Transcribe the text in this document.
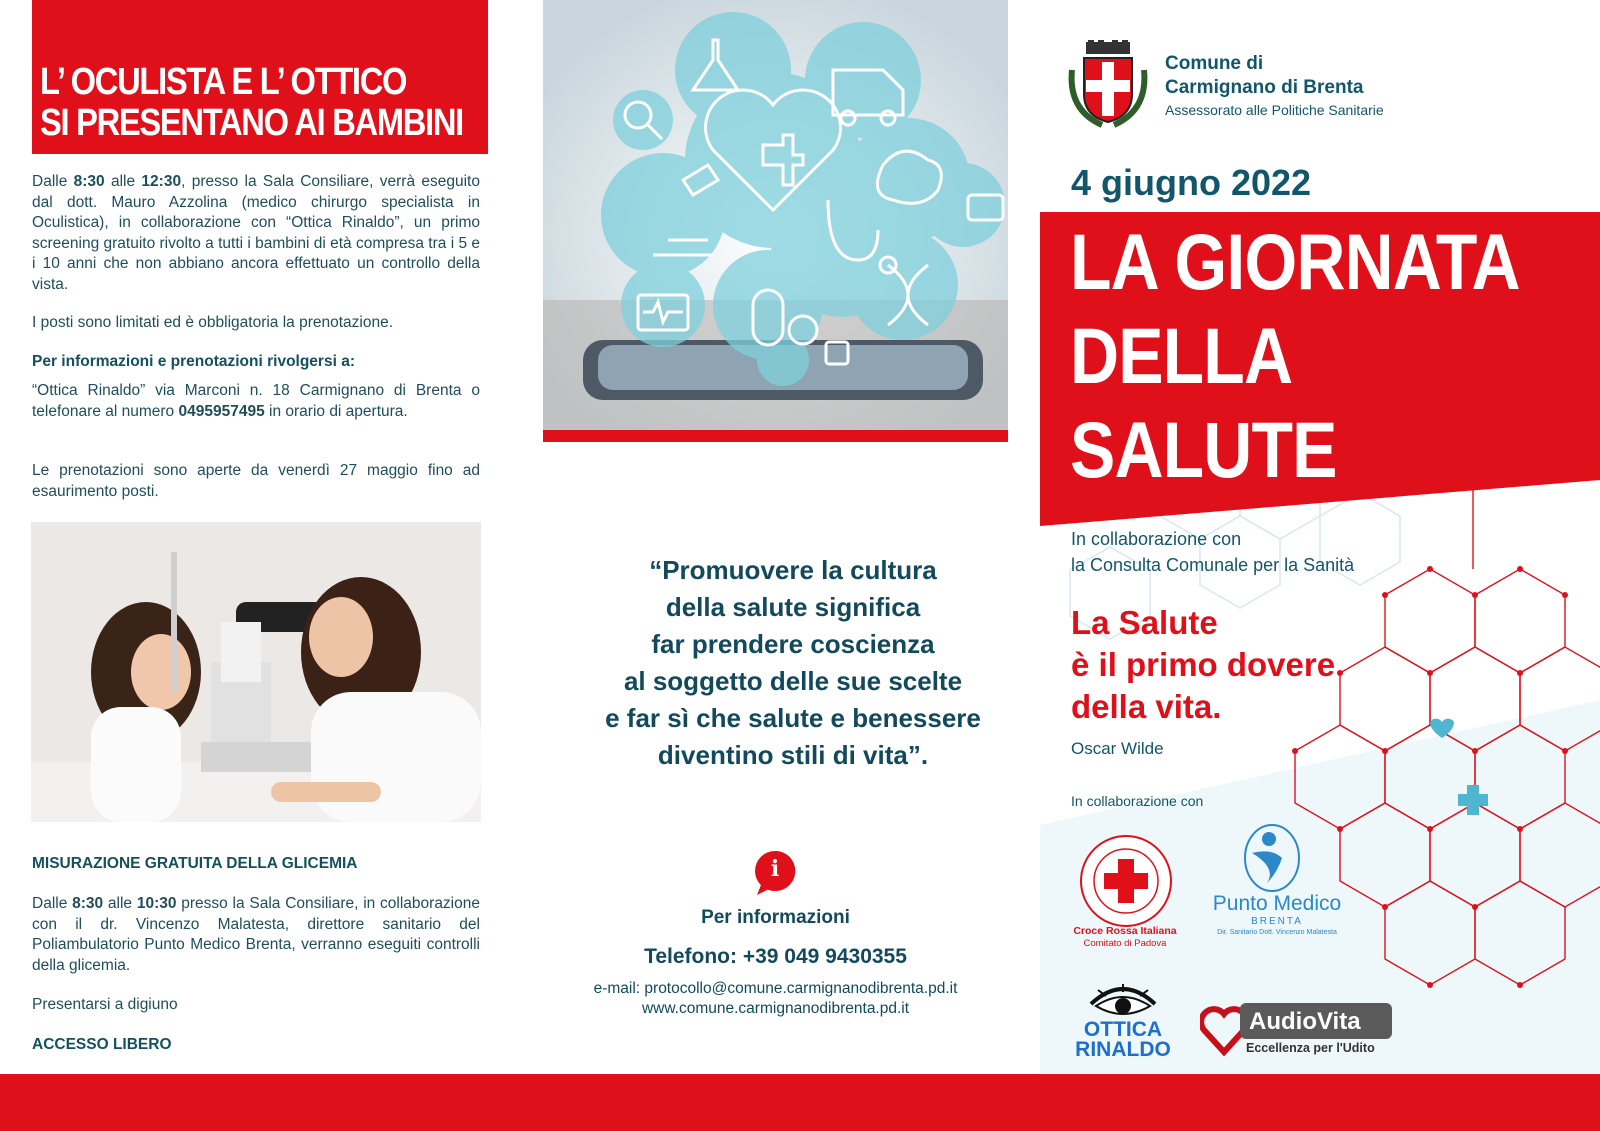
L’ OCULISTA E L’ OTTICO
SI PRESENTANO AI BAMBINI
Dalle 8:30 alle 12:30, presso la Sala Consiliare, verrà eseguito dal dott. Mauro Azzolina (medico chirurgo specialista in Oculistica), in collaborazione con “Ottica Rinaldo”, un primo screening gratuito rivolto a tutti i bambini di età compresa tra i 5 e i 10 anni che non abbiano ancora effettuato un controllo della vista.
I posti sono limitati ed è obbligatoria la prenotazione.
Per informazioni e prenotazioni rivolgersi a:
“Ottica Rinaldo” via Marconi n. 18 Carmignano di Brenta o telefonare al numero 0495957495 in orario di apertura.
Le prenotazioni sono aperte da venerdì 27 maggio fino ad esaurimento posti.
MISURAZIONE GRATUITA DELLA GLICEMIA
Dalle 8:30 alle 10:30 presso la Sala Consiliare, in collaborazione con il dr. Vincenzo Malatesta, direttore sanitario del Poliambulatorio Punto Medico Brenta, verranno eseguiti controlli della glicemia.
Presentarsi a digiuno
ACCESSO LIBERO
“Promuovere la cultura
della salute significa
far prendere coscienza
al soggetto delle sue scelte
e far sì che salute e benessere
diventino stili di vita”.
i
Per informazioni
Telefono: +39 049 9430355
e-mail: protocollo@comune.carmignanodibrenta.pd.it
www.comune.carmignanodibrenta.pd.it
Comune di
Carmignano di Brenta
Assessorato alle Politiche Sanitarie
4 giugno 2022
LA GIORNATA
DELLA
SALUTE
In collaborazione con
la Consulta Comunale per la Sanità
La Salute
è il primo dovere
della vita.
Oscar Wilde
In collaborazione con
Croce Rossa Italiana
Comitato di Padova
Punto Medico
BRENTA
Dir. Sanitario Dott. Vincenzo Malatesta
OTTICA
RINALDO
AudioVita
Eccellenza per l'Udito
